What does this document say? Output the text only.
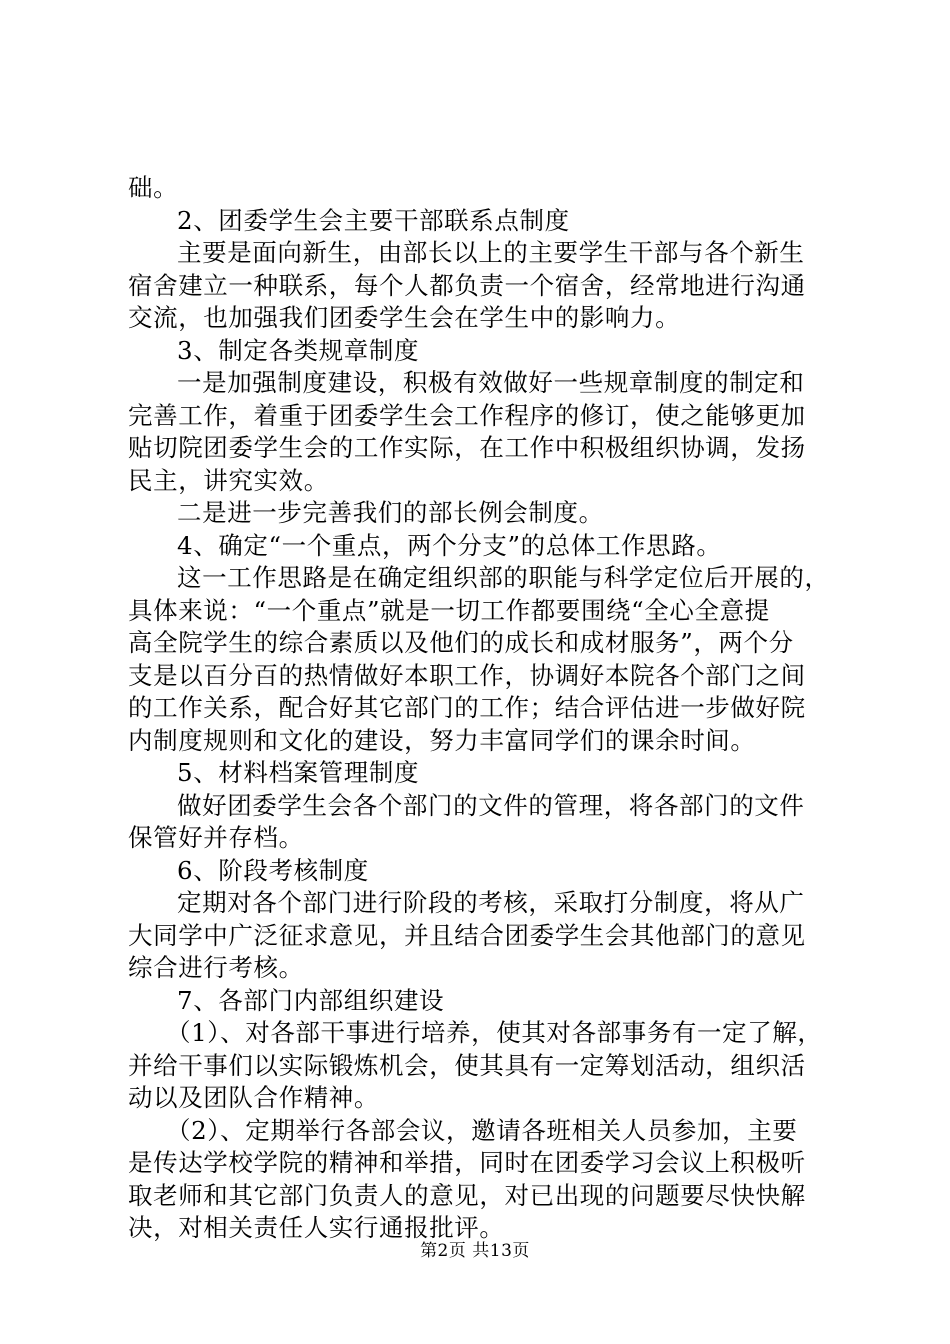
础。
2、团委学生会主要干部联系点制度
主要是面向新生，由部长以上的主要学生干部与各个新生
宿舍建立一种联系，每个人都负责一个宿舍，经常地进行沟通
交流，也加强我们团委学生会在学生中的影响力。
3、制定各类规章制度
一是加强制度建设，积极有效做好一些规章制度的制定和
完善工作，着重于团委学生会工作程序的修订，使之能够更加
贴切院团委学生会的工作实际，在工作中积极组织协调，发扬
民主，讲究实效。
二是进一步完善我们的部长例会制度。
4、确定“一个重点，两个分支”的总体工作思路。
这一工作思路是在确定组织部的职能与科学定位后开展的，
具体来说：“一个重点”就是一切工作都要围绕“全心全意提
高全院学生的综合素质以及他们的成长和成材服务”，两个分
支是以百分百的热情做好本职工作，协调好本院各个部门之间
的工作关系，配合好其它部门的工作；结合评估进一步做好院
内制度规则和文化的建设，努力丰富同学们的课余时间。
5、材料档案管理制度
做好团委学生会各个部门的文件的管理，将各部门的文件
保管好并存档。
6、阶段考核制度
定期对各个部门进行阶段的考核，采取打分制度，将从广
大同学中广泛征求意见，并且结合团委学生会其他部门的意见
综合进行考核。
7、各部门内部组织建设
（1）、对各部干事进行培养，使其对各部事务有一定了解，
并给干事们以实际锻炼机会，使其具有一定筹划活动，组织活
动以及团队合作精神。
（2）、定期举行各部会议，邀请各班相关人员参加，主要
是传达学校学院的精神和举措，同时在团委学习会议上积极听
取老师和其它部门负责人的意见，对已出现的问题要尽快快解
决，对相关责任人实行通报批评。
第2页 共13页
